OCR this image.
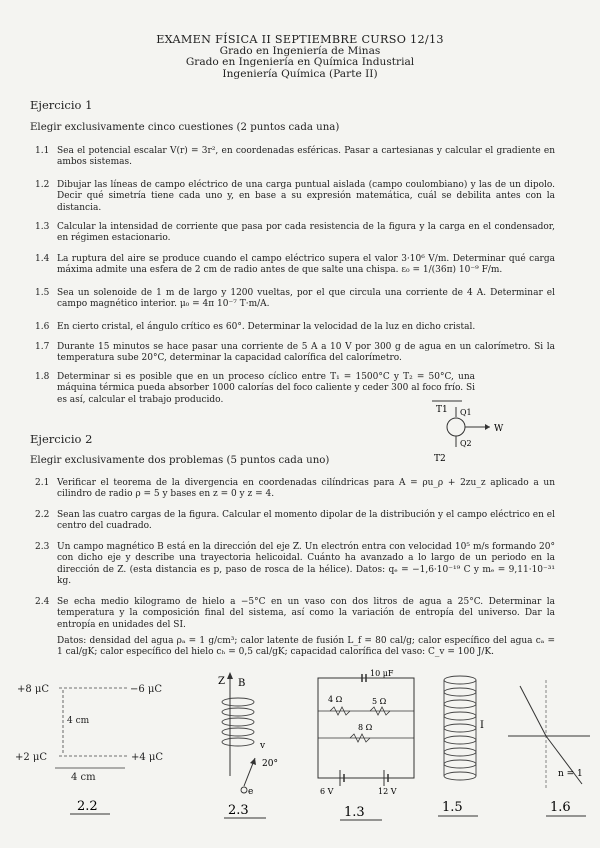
EXAMEN FÍSICA II SEPTIEMBRE CURSO 12/13
Grado en Ingeniería de Minas
Grado en Ingeniería en Química Industrial
Ingeniería Química (Parte II)
Ejercicio 1
Elegir exclusivamente cinco cuestiones (2 puntos cada una)
1.1 Sea el potencial escalar V(r) = 3r², en coordenadas esféricas. Pasar a cartesianas y calcular el gradiente en ambos sistemas.
1.2 Dibujar las líneas de campo eléctrico de una carga puntual aislada (campo coulombiano) y las de un dipolo. Decir qué simetría tiene cada uno y, en base a su expresión matemática, cuál se debilita antes con la distancia.
1.3 Calcular la intensidad de corriente que pasa por cada resistencia de la figura y la carga en el condensador, en régimen estacionario.
1.4 La ruptura del aire se produce cuando el campo eléctrico supera el valor 3·10⁶ V/m. Determinar qué carga máxima admite una esfera de 2 cm de radio antes de que salte una chispa. ε₀ = 1/(36π) 10⁻⁹ F/m.
1.5 Sea un solenoide de 1 m de largo y 1200 vueltas, por el que circula una corriente de 4 A. Determinar el campo magnético interior. μ₀ = 4π 10⁻⁷ T·m/A.
1.6 En cierto cristal, el ángulo crítico es 60°. Determinar la velocidad de la luz en dicho cristal.
1.7 Durante 15 minutos se hace pasar una corriente de 5 A a 10 V por 300 g de agua en un calorímetro. Si la temperatura sube 20°C, determinar la capacidad calorífica del calorímetro.
1.8 Determinar si es posible que en un proceso cíclico entre T₁ = 1500°C y T₂ = 50°C, una máquina térmica pueda absorber 1000 calorías del foco caliente y ceder 300 al foco frío. Si es así, calcular el trabajo producido.
T1 Q1
W
Q2
T2
Ejercicio 2
Elegir exclusivamente dos problemas (5 puntos cada uno)
2.1 Verificar el teorema de la divergencia en coordenadas cilíndricas para A = ρu_ρ + 2zu_z aplicado a un cilindro de radio ρ = 5 y bases en z = 0 y z = 4.
2.2 Sean las cuatro cargas de la figura. Calcular el momento dipolar de la distribución y el campo eléctrico en el centro del cuadrado.
2.3 Un campo magnético B está en la dirección del eje Z. Un electrón entra con velocidad 10⁵ m/s formando 20° con dicho eje y describe una trayectoria helicoidal. Cuánto ha avanzado a lo largo de un periodo en la dirección de Z. (esta distancia es p, paso de rosca de la hélice). Datos: qₑ = −1,6·10⁻¹⁹ C y mₑ = 9,11·10⁻³¹ kg.
2.4 Se echa medio kilogramo de hielo a −5°C en un vaso con dos litros de agua a 25°C. Determinar la temperatura y la composición final del sistema, así como la variación de entropía del universo. Dar la entropía en unidades del SI.
Datos: densidad del agua ρₐ = 1 g/cm³; calor latente de fusión L_f = 80 cal/g; calor específico del agua cₐ = 1 cal/gK; calor específico del hielo cₕ = 0,5 cal/gK; capacidad calorífica del vaso: C_v = 100 J/K.
+8 μC	−6 μC
+2 μC	+4 μC
4 cm
4 cm
2.2
Z B
v
20°
e
2.3
10 μF
4 Ω	5 Ω
8 Ω
6 V	12 V
1.3
I
1.5
n = 1
1.6
